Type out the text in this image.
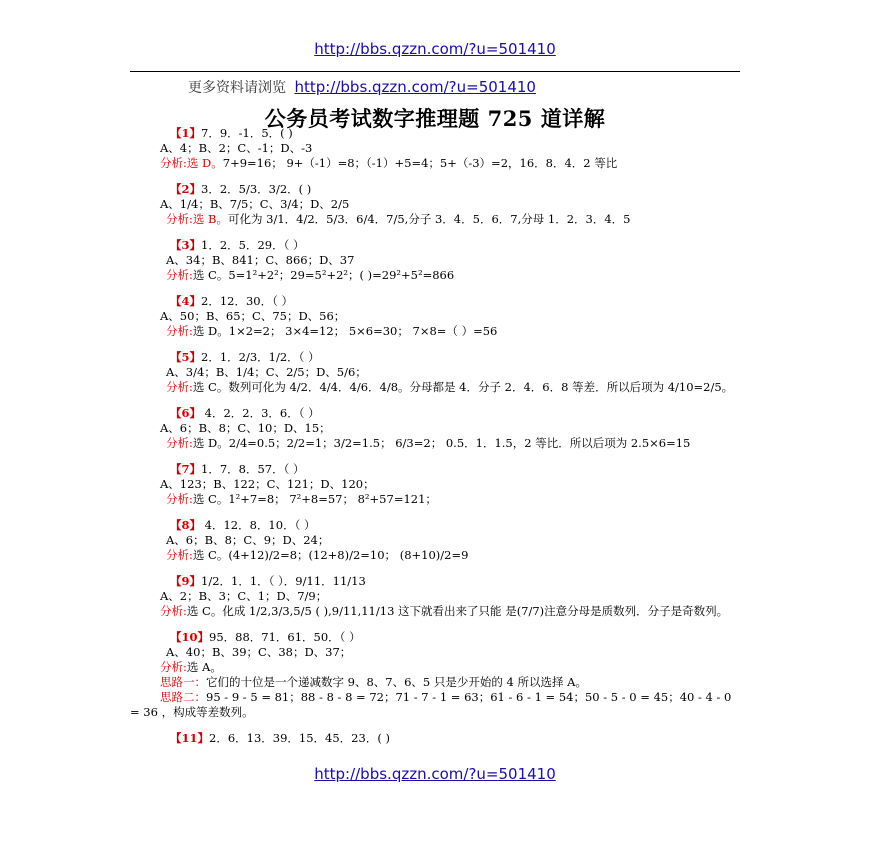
http://bbs.qzzn.com/?u=501410
更多资料请浏览 http://bbs.qzzn.com/?u=501410
公务员考试数字推理题 725 道详解
【1】7．9．-1．5．( )
A、4；B、2；C、-1；D、-3
分析:选 D。7+9=16； 9+（-1）=8；（-1）+5=4；5+（-3）=2，16．8．4．2 等比
【2】3．2．5/3．3/2．( )
A、1/4；B、7/5；C、3/4；D、2/5
分析:选 B。可化为 3/1．4/2．5/3．6/4．7/5,分子 3．4．5．6．7,分母 1．2．3．4．5
【3】1．2．5．29．（ ）
A、34；B、841；C、866；D、37
分析:选 C。5=1²+2²；29=5²+2²；( )=29²+5²=866
【4】2．12．30．（ ）
A、50；B、65；C、75；D、56；
分析:选 D。1×2=2； 3×4=12； 5×6=30； 7×8=（ ）=56
【5】2．1．2/3．1/2．（ ）
A、3/4；B、1/4；C、2/5；D、5/6；
分析:选 C。数列可化为 4/2．4/4．4/6．4/8。分母都是 4．分子 2．4．6．8 等差．所以后项为 4/10=2/5。
【6】 4．2．2．3．6．（ ）
A、6；B、8；C、10；D、15；
分析:选 D。2/4=0.5；2/2=1；3/2=1.5； 6/3=2； 0.5．1．1.5，2 等比．所以后项为 2.5×6=15
【7】1．7．8．57．（ ）
A、123；B、122；C、121；D、120；
分析:选 C。1²+7=8； 7²+8=57； 8²+57=121；
【8】 4．12．8．10．（ ）
A、6；B、8；C、9；D、24；
分析:选 C。(4+12)/2=8；(12+8)/2=10； (8+10)/2=9
【9】1/2．1．1．（ ）．9/11．11/13
A、2；B、3；C、1；D、7/9；
分析:选 C。化成 1/2,3/3,5/5 ( ),9/11,11/13 这下就看出来了只能 是(7/7)注意分母是质数列．分子是奇数列。
【10】95．88．71．61．50．（ ）
A、40；B、39；C、38；D、37；
分析:选 A。
思路一：它们的十位是一个递减数字 9、8、7、6、5 只是少开始的 4 所以选择 A。
思路二：95 - 9 - 5 = 81；88 - 8 - 8 = 72；71 - 7 - 1 = 63；61 - 6 - 1 = 54；50 - 5 - 0 = 45；40 - 4 - 0 = 36 ，构成等差数列。
【11】2．6．13．39．15．45．23．( )
http://bbs.qzzn.com/?u=501410
